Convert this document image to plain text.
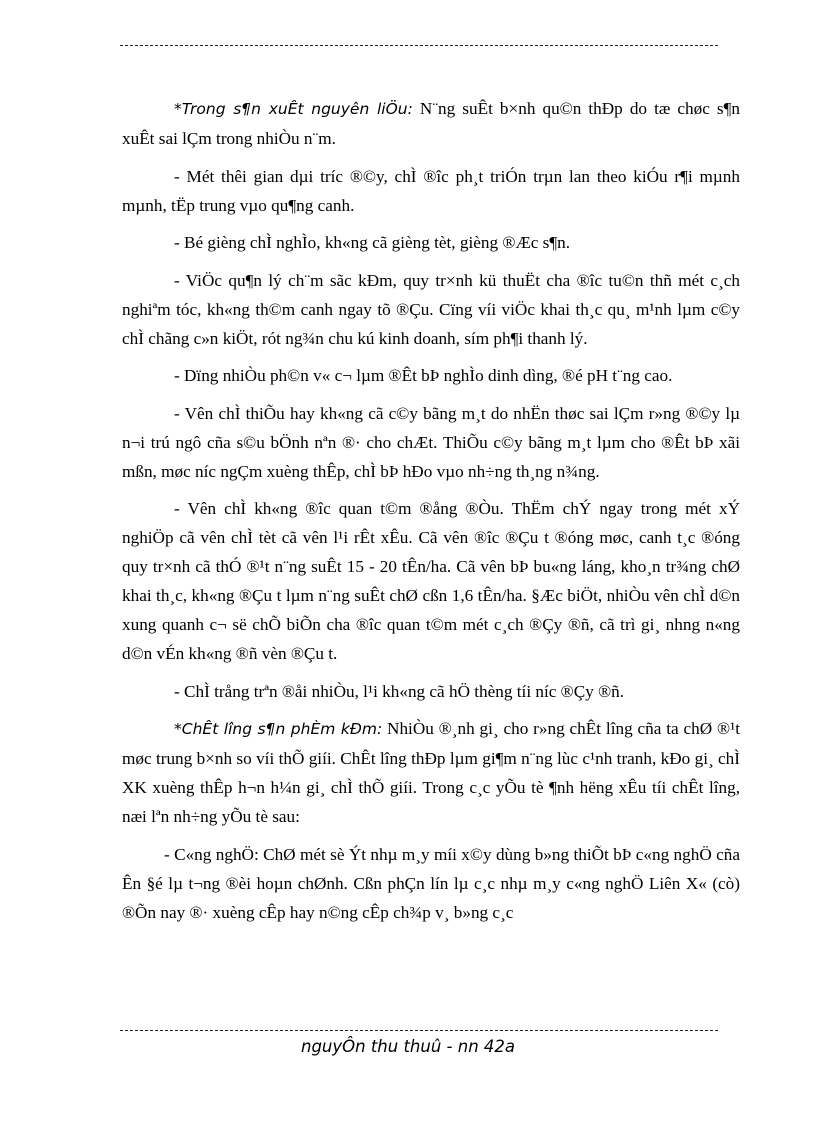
*Trong s¶n xuÊt nguyên liÖu: N¨ng suÊt b×nh qu©n thÐp do tæ chøc s¶n xuÊt sai lÇm trong nhiÒu n¨m.

- Mét thêi gian dµi tríc ®©y, chÌ ®îc ph¸t triÓn trµn lan theo kiÓu r¶i mµnh mµnh, tËp trung vµo qu¶ng canh.

- Bé gièng chÌ nghÌo, kh«ng cã gièng tèt, gièng ®Æc s¶n.

- ViÖc qu¶n lý ch¨m sãc kÐm, quy tr×nh kü thuËt cha ®îc tu©n thñ mét c¸ch nghiªm tóc, kh«ng th©m canh ngay tõ ®Çu. Cïng víi viÖc khai th¸c qu¸ m¹nh lµm c©y chÌ chãng c»n kiÖt, rót ng¾n chu kú kinh doanh, sím ph¶i thanh lý.

- Dïng nhiÒu ph©n v« c¬ lµm ®Êt bÞ nghÌo dinh dìng, ®é pH t¨ng cao.

- Vên chÌ thiÕu hay kh«ng cã c©y bãng m¸t do nhËn thøc sai lÇm r»ng ®©y lµ n¬i trú ngô cña s©u bÖnh nªn ®· cho chÆt. ThiÕu c©y bãng m¸t lµm cho ®Êt bÞ xãi mßn, møc níc ngÇm xuèng thÊp, chÌ bÞ hÐo vµo nh÷ng th¸ng n¾ng.

- Vên chÌ kh«ng ®îc quan t©m ®ång ®Òu. ThËm chÝ ngay trong mét xÝ nghiÖp cã vên chÌ tèt cã vên l¹i rÊt xÊu. Cã vên ®îc ®Çu t ®óng møc, canh t¸c ®óng quy tr×nh cã thÓ ®¹t n¨ng suÊt 15 - 20 tÊn/ha. Cã vên bÞ bu«ng láng, kho¸n tr¾ng chØ khai th¸c, kh«ng ®Çu t lµm n¨ng suÊt chØ cßn 1,6 tÊn/ha. §Æc biÖt, nhiÒu vên chÌ d©n xung quanh c¬ së chÕ biÕn cha ®îc quan t©m mét c¸ch ®Çy ®ñ, cã trì gi¸ nhng n«ng d©n vÉn kh«ng ®ñ vèn ®Çu t.

- ChÌ trång trªn ®åi nhiÒu, l¹i kh«ng cã hÖ thèng tíi níc ®Çy ®ñ.

*ChÊt lîng s¶n phÈm kÐm: NhiÒu ®¸nh gi¸ cho r»ng chÊt lîng cña ta chØ ®¹t møc trung b×nh so víi thÕ giíi. ChÊt lîng thÐp lµm gi¶m n¨ng lùc c¹nh tranh, kÐo gi¸ chÌ XK xuèng thÊp h¬n h¼n gi¸ chÌ thÕ giíi. Trong c¸c yÕu tè ¶nh hëng xÊu tíi chÊt lîng, næi lªn nh÷ng yÕu tè sau:

- C«ng nghÖ: ChØ mét sè Ýt nhµ m¸y míi x©y dùng b»ng thiÕt bÞ c«ng nghÖ cña Ên §é lµ t¬ng ®èi hoµn chØnh. Cßn phÇn lín lµ c¸c nhµ m¸y c«ng nghÖ Liên X« (cò) ®Õn nay ®· xuèng cÊp hay n©ng cÊp ch¾p v¸ b»ng c¸c

nguyÔn thu thuû - nn 42a
